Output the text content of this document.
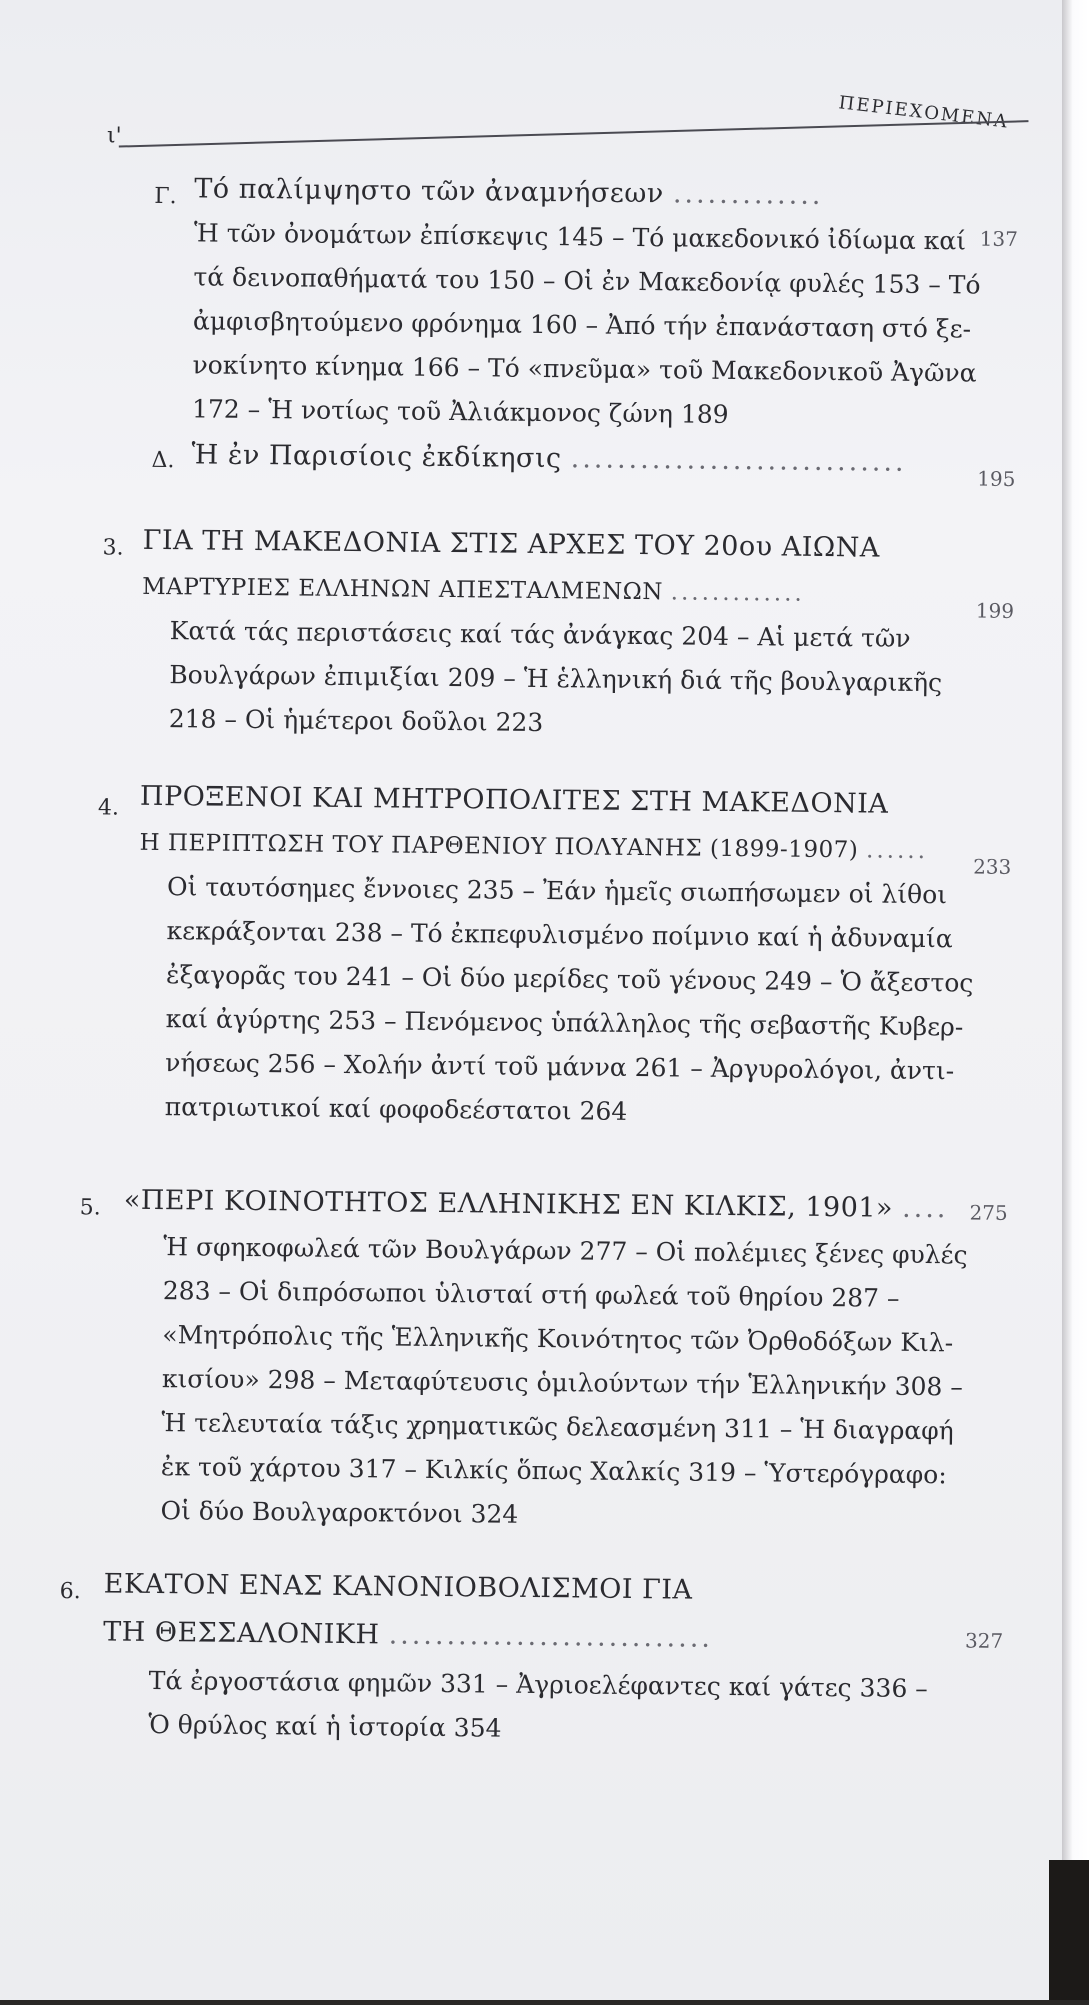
ι'
ΠΕΡΙΕΧΟΜΕΝΑ
Γ. Τό παλίμψηστο τῶν ἀναμνήσεων .............
137
Ἡ τῶν ὀνομάτων ἐπίσκεψις 145 – Τό μακεδονικό ἰδίωμα καί
τά δεινοπαθήματά του 150 – Οἱ ἐν Μακεδονίᾳ φυλές 153 – Τό
ἀμφισβητούμενο φρόνημα 160 – Ἀπό τήν ἐπανάσταση στό ξε-
νοκίνητο κίνημα 166 – Τό «πνεῦμα» τοῦ Μακεδονικοῦ Ἀγῶνα
172 – Ἡ νοτίως τοῦ Ἀλιάκμονος ζώνη 189
Δ. Ἡ ἐν Παρισίοις ἐκδίκησις .............................
195
3. ΓΙΑ ΤΗ ΜΑΚΕΔΟΝΙΑ ΣΤΙΣ ΑΡΧΕΣ ΤΟΥ 20ου ΑΙΩΝΑ
ΜΑΡΤΥΡΙΕΣ ΕΛΛΗΝΩΝ ΑΠΕΣΤΑΛΜΕΝΩΝ .............
199
Κατά τάς περιστάσεις καί τάς ἀνάγκας 204 – Αἱ μετά τῶν
Βουλγάρων ἐπιμιξίαι 209 – Ἡ ἑλληνική διά τῆς βουλγαρικῆς
218 – Οἱ ἡμέτεροι δοῦλοι 223
4. ΠΡΟΞΕΝΟΙ ΚΑΙ ΜΗΤΡΟΠΟΛΙΤΕΣ ΣΤΗ ΜΑΚΕΔΟΝΙΑ
Η ΠΕΡΙΠΤΩΣΗ ΤΟΥ ΠΑΡΘΕΝΙΟΥ ΠΟΛΥΑΝΗΣ (1899-1907) ......
233
Οἱ ταυτόσημες ἔννοιες 235 – Ἐάν ἡμεῖς σιωπήσωμεν οἱ λίθοι
κεκράξονται 238 – Τό ἐκπεφυλισμένο ποίμνιο καί ἡ ἀδυναμία
ἐξαγορᾶς του 241 – Οἱ δύο μερίδες τοῦ γένους 249 – Ὁ ἄξεστος
καί ἀγύρτης 253 – Πενόμενος ὑπάλληλος τῆς σεβαστῆς Κυβερ-
νήσεως 256 – Χολήν ἀντί τοῦ μάννα 261 – Ἀργυρολόγοι, ἀντι-
πατριωτικοί καί φοφοδεέστατοι 264
5. «ΠΕΡΙ ΚΟΙΝΟΤΗΤΟΣ ΕΛΛΗΝΙΚΗΣ ΕΝ ΚΙΛΚΙΣ, 1901» .... 275
Ἡ σφηκοφωλεά τῶν Βουλγάρων 277 – Οἱ πολέμιες ξένες φυλές
283 – Οἱ διπρόσωποι ὑλισταί στή φωλεά τοῦ θηρίου 287 –
«Μητρόπολις τῆς Ἑλληνικῆς Κοινότητος τῶν Ὀρθοδόξων Κιλ-
κισίου» 298 – Μεταφύτευσις ὁμιλούντων τήν Ἑλληνικήν 308 –
Ἡ τελευταία τάξις χρηματικῶς δελεασμένη 311 – Ἡ διαγραφή
ἐκ τοῦ χάρτου 317 – Κιλκίς ὅπως Χαλκίς 319 – Ὑστερόγραφο:
Οἱ δύο Βουλγαροκτόνοι 324
6. ΕΚΑΤΟΝ ΕΝΑΣ ΚΑΝΟΝΙΟΒΟΛΙΣΜΟΙ ΓΙΑ
ΤΗ ΘΕΣΣΑΛΟΝΙΚΗ ............................	327
Τά ἐργοστάσια φημῶν 331 – Ἀγριοελέφαντες καί γάτες 336 –
Ὁ θρύλος καί ἡ ἱστορία 354
